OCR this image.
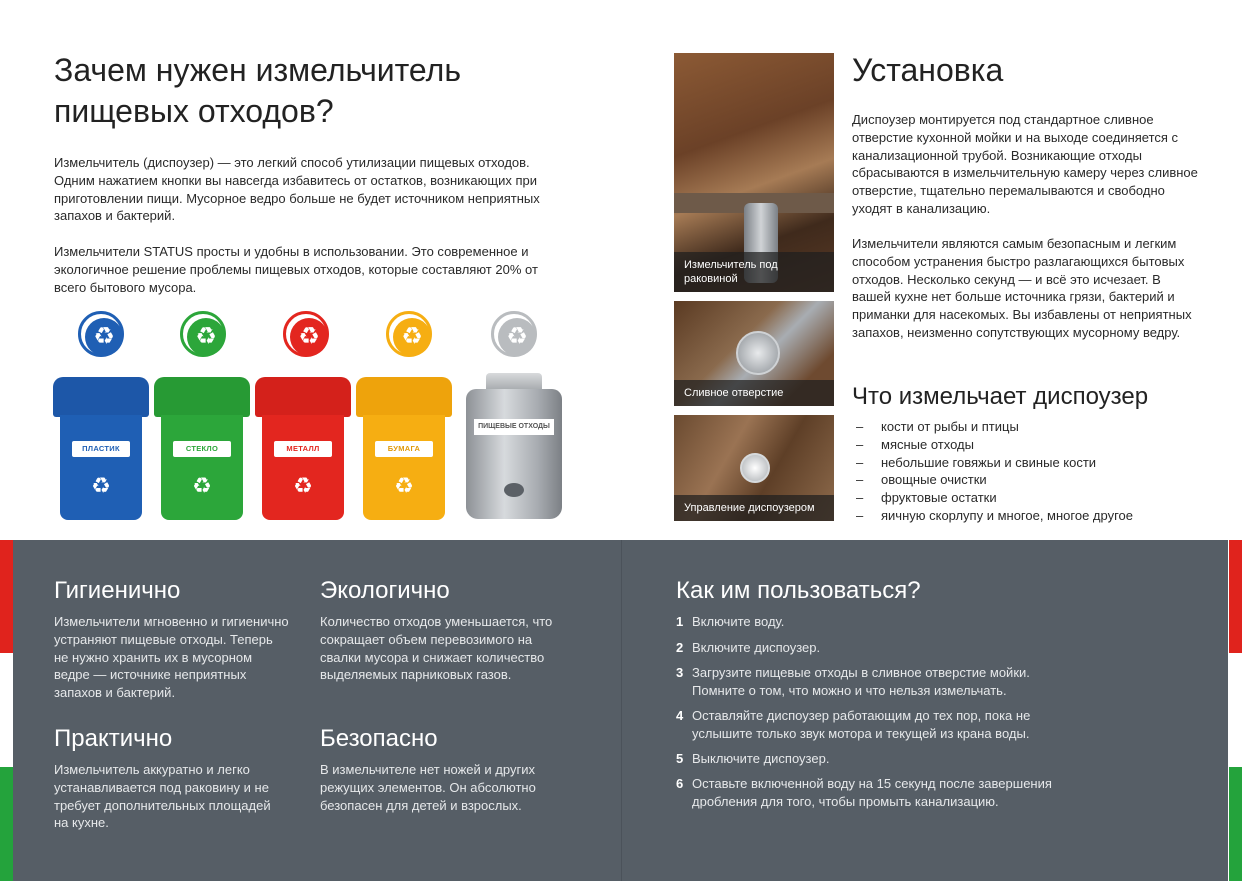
Зачем нужен измельчитель пищевых отходов?

Измельчитель (диспоузер) — это легкий способ утилизации пищевых отходов. Одним нажатием кнопки вы навсегда избавитесь от остатков, возникающих при приготовлении пищи. Мусорное ведро больше не будет источником неприятных запахов и бактерий.

Измельчители STATUS просты и удобны в использовании. Это современное и экологичное решение проблемы пищевых отходов, которые составляют 20% от всего бытового мусора.

♻	♻	♻	♻	♻
ПЛАСТИК
♻
СТЕКЛО
♻
МЕТАЛЛ
♻
БУМАГА
♻
ПИЩЕВЫЕ ОТХОДЫ
Измельчитель под раковиной
Сливное отверстие
Управление диспоузером
Установка

Диспоузер монтируется под стандартное сливное отверстие кухонной мойки и на выходе соединяется с канализационной трубой. Возникающие отходы сбрасываются в измельчительную камеру через сливное отверстие, тщательно перемалываются и свободно уходят в канализацию.

Измельчители являются самым безопасным и легким способом устранения быстро разлагающихся бытовых отходов. Несколько секунд — и всё это исчезает. В вашей кухне нет больше источника грязи, бактерий и приманки для насекомых. Вы избавлены от неприятных запахов, неизменно сопутствующих мусорному ведру.

Что измельчает диспоузер
– кости от рыбы и птицы
– мясные отходы
– небольшие говяжьи и свиные кости
– овощные очистки
– фруктовые остатки
– яичную скорлупу и многое, многое другое
Гигиенично

Измельчители мгновенно и гигиенично устраняют пищевые отходы. Теперь не нужно хранить их в мусорном ведре — источнике неприятных запахов и бактерий.

Экологично

Количество отходов уменьшается, что сокращает объем перевозимого на свалки мусора и снижает количество выделяемых парниковых газов.

Практично

Измельчитель аккуратно и легко устанавливается под раковину и не требует дополнительных площадей на кухне.

Безопасно

В измельчителе нет ножей и других режущих элементов. Он абсолютно безопасен для детей и взрослых.

Как им пользоваться?
1 Включите воду.
2 Включите диспоузер.
3 Загрузите пищевые отходы в сливное отверстие мойки. Помните о том, что можно и что нельзя измельчать.
4 Оставляйте диспоузер работающим до тех пор, пока не услышите только звук мотора и текущей из крана воды.
5 Выключите диспоузер.
6 Оставьте включенной воду на 15 секунд после завершения дробления для того, чтобы промыть канализацию.
